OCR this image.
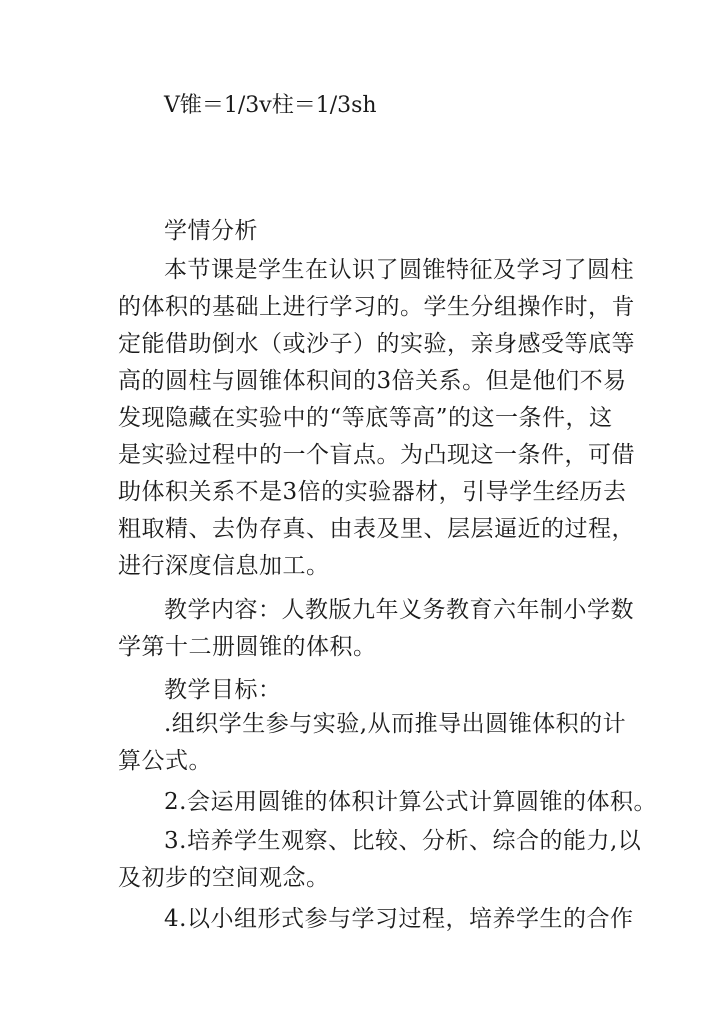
V锥＝1/3v柱＝1/3sh
学情分析
本节课是学生在认识了圆锥特征及学习了圆柱
的体积的基础上进行学习的。学生分组操作时，肯
定能借助倒水（或沙子）的实验，亲身感受等底等
高的圆柱与圆锥体积间的3倍关系。但是他们不易
发现隐藏在实验中的“等底等高”的这一条件，这
是实验过程中的一个盲点。为凸现这一条件，可借
助体积关系不是3倍的实验器材，引导学生经历去
粗取精、去伪存真、由表及里、层层逼近的过程，
进行深度信息加工。
教学内容：人教版九年义务教育六年制小学数
学第十二册圆锥的体积。
教学目标：
.组织学生参与实验,从而推导出圆锥体积的计
算公式。
2.会运用圆锥的体积计算公式计算圆锥的体积。
3.培养学生观察、比较、分析、综合的能力,以
及初步的空间观念。
4.以小组形式参与学习过程，培养学生的合作
